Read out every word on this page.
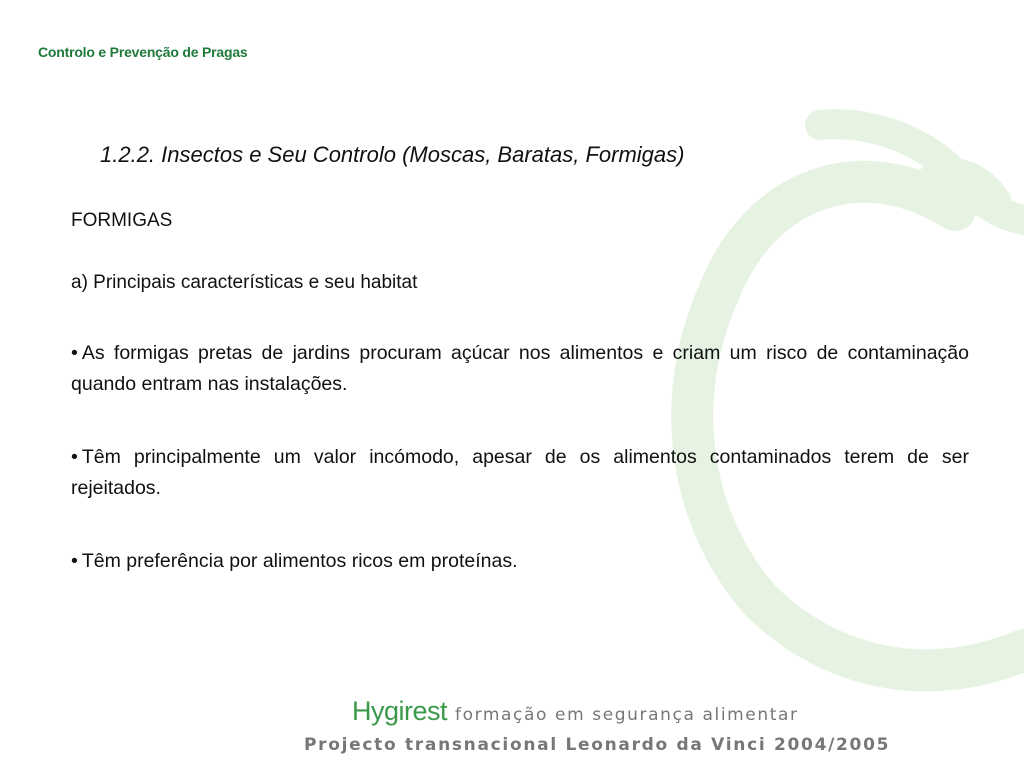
Controlo e Prevenção de Pragas
1.2.2. Insectos e Seu Controlo (Moscas, Baratas, Formigas)
FORMIGAS
a) Principais características e seu habitat
• As formigas pretas de jardins procuram açúcar nos alimentos e criam um risco de contaminação quando entram nas instalações.
• Têm principalmente um valor incómodo, apesar de os alimentos contaminados terem de ser rejeitados.
• Têm preferência por alimentos ricos em proteínas.
Hygirest formação em segurança alimentar
Projecto transnacional Leonardo da Vinci 2004/2005
